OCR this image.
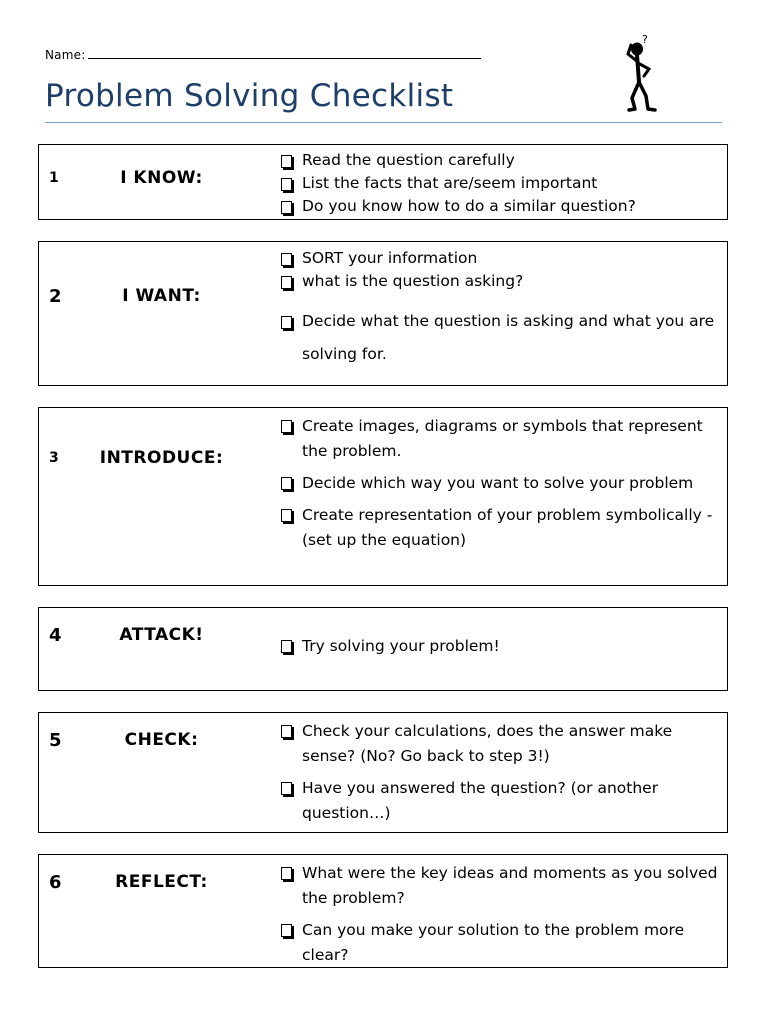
Name:
Problem Solving Checklist
?
1	I KNOW:
Read the question carefully
List the facts that are/seem important
Do you know how to do a similar question?
2	I WANT:
SORT your information
what is the question asking?
Decide what the question is asking and what you are solving for.
3	INTRODUCE:
Create images, diagrams or symbols that represent the problem.
Decide which way you want to solve your problem
Create representation of your problem symbolically - (set up the equation)
4	ATTACK!
Try solving your problem!
5	CHECK:	Check your calculations, does the answer make sense? (No? Go back to step 3!)
Have you answered the question? (or another question…)
6	REFLECT:	What were the key ideas and moments as you solved the problem?
Can you make your solution to the problem more clear?
